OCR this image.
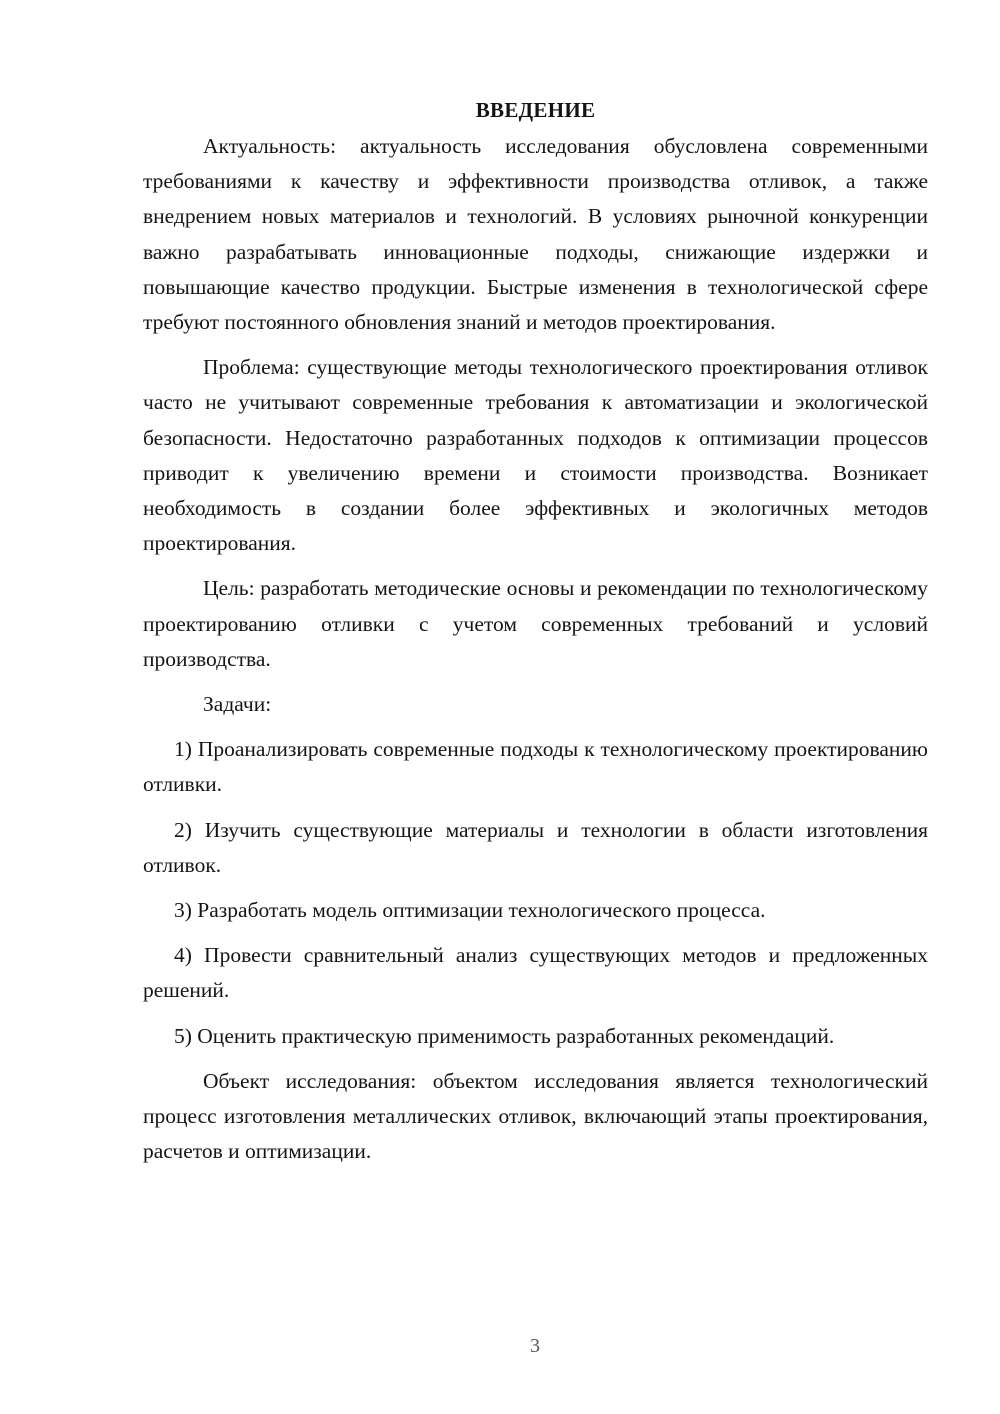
ВВЕДЕНИЕ

Актуальность: актуальность исследования обусловлена современными требованиями к качеству и эффективности производства отливок, а также внедрением новых материалов и технологий. В условиях рыночной конкуренции важно разрабатывать инновационные подходы, снижающие издержки и повышающие качество продукции. Быстрые изменения в технологической сфере требуют постоянного обновления знаний и методов проектирования.

Проблема: существующие методы технологического проектирования отливок часто не учитывают современные требования к автоматизации и экологической безопасности. Недостаточно разработанных подходов к оптимизации процессов приводит к увеличению времени и стоимости производства. Возникает необходимость в создании более эффективных и экологичных методов проектирования.

Цель: разработать методические основы и рекомендации по технологическому проектированию отливки с учетом современных требований и условий производства.

Задачи:

1) Проанализировать современные подходы к технологическому проектированию отливки.

2) Изучить существующие материалы и технологии в области изготовления отливок.

3) Разработать модель оптимизации технологического процесса.

4) Провести сравнительный анализ существующих методов и предложенных решений.

5) Оценить практическую применимость разработанных рекомендаций.

Объект исследования: объектом исследования является технологический процесс изготовления металлических отливок, включающий этапы проектирования, расчетов и оптимизации.

3
